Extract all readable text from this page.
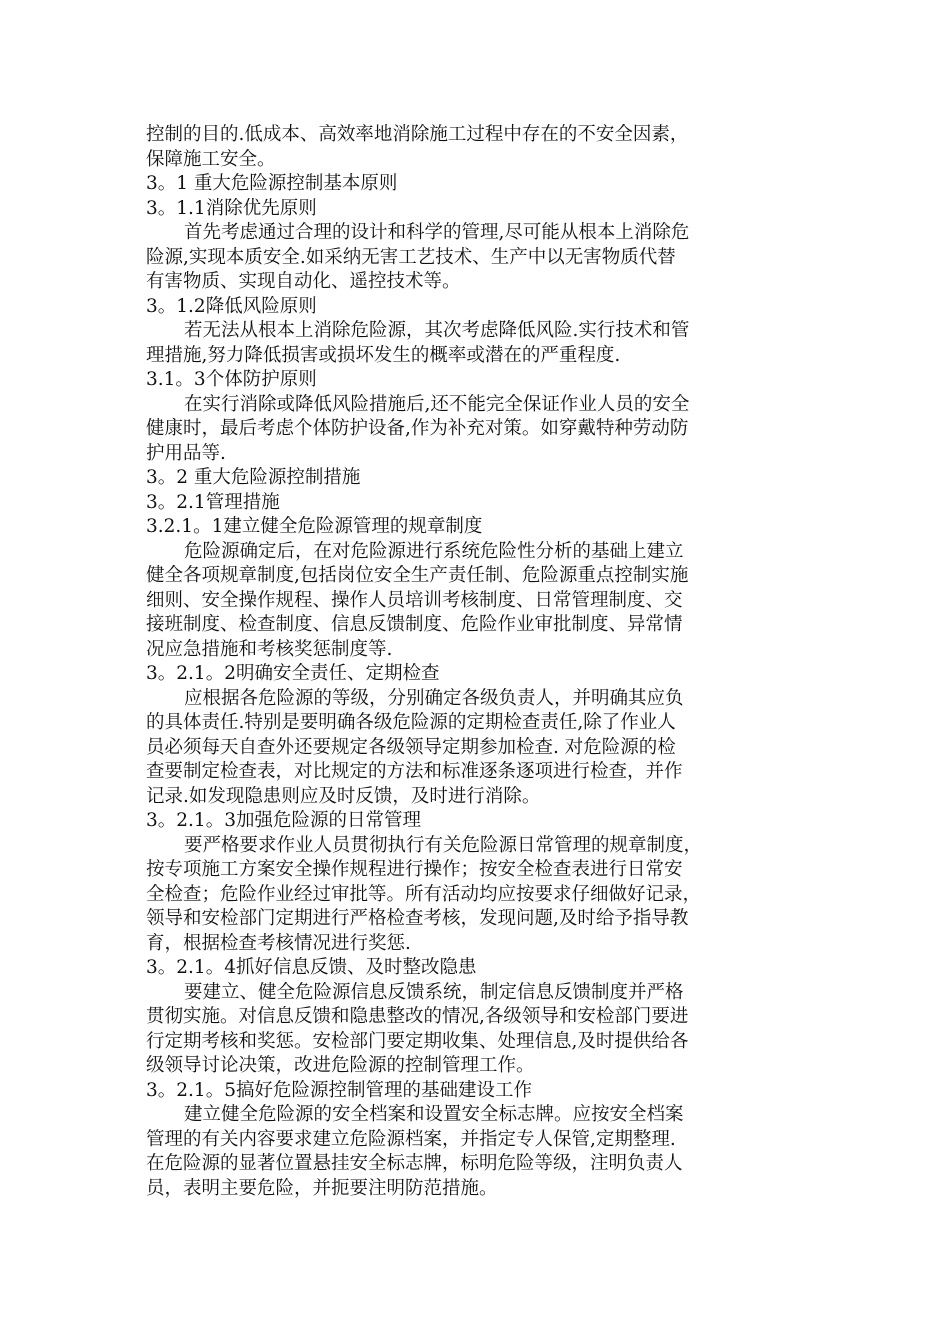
控制的目的.低成本、高效率地消除施工过程中存在的不安全因素，
保障施工安全。
3。1 重大危险源控制基本原则
3。1.1消除优先原则
首先考虑通过合理的设计和科学的管理,尽可能从根本上消除危
险源,实现本质安全.如采纳无害工艺技术、生产中以无害物质代替
有害物质、实现自动化、遥控技术等。
3。1.2降低风险原则
若无法从根本上消除危险源，其次考虑降低风险.实行技术和管
理措施,努力降低损害或损坏发生的概率或潜在的严重程度.
3.1。3个体防护原则
在实行消除或降低风险措施后,还不能完全保证作业人员的安全
健康时，最后考虑个体防护设备,作为补充对策。如穿戴特种劳动防
护用品等.
3。2 重大危险源控制措施
3。2.1管理措施
3.2.1。1建立健全危险源管理的规章制度
危险源确定后，在对危险源进行系统危险性分析的基础上建立
健全各项规章制度,包括岗位安全生产责任制、危险源重点控制实施
细则、安全操作规程、操作人员培训考核制度、日常管理制度、交
接班制度、检查制度、信息反馈制度、危险作业审批制度、异常情
况应急措施和考核奖惩制度等.
3。2.1。2明确安全责任、定期检查
应根据各危险源的等级，分别确定各级负责人，并明确其应负
的具体责任.特别是要明确各级危险源的定期检查责任,除了作业人
员必须每天自查外还要规定各级领导定期参加检查. 对危险源的检
查要制定检查表，对比规定的方法和标准逐条逐项进行检查，并作
记录.如发现隐患则应及时反馈，及时进行消除。
3。2.1。3加强危险源的日常管理
要严格要求作业人员贯彻执行有关危险源日常管理的规章制度，
按专项施工方案安全操作规程进行操作；按安全检查表进行日常安
全检查；危险作业经过审批等。所有活动均应按要求仔细做好记录，
领导和安检部门定期进行严格检查考核，发现问题,及时给予指导教
育，根据检查考核情况进行奖惩.
3。2.1。4抓好信息反馈、及时整改隐患
要建立、健全危险源信息反馈系统，制定信息反馈制度并严格
贯彻实施。对信息反馈和隐患整改的情况,各级领导和安检部门要进
行定期考核和奖惩。安检部门要定期收集、处理信息,及时提供给各
级领导讨论决策，改进危险源的控制管理工作。
3。2.1。5搞好危险源控制管理的基础建设工作
建立健全危险源的安全档案和设置安全标志牌。应按安全档案
管理的有关内容要求建立危险源档案，并指定专人保管,定期整理.
在危险源的显著位置悬挂安全标志牌，标明危险等级，注明负责人
员，表明主要危险，并扼要注明防范措施。
